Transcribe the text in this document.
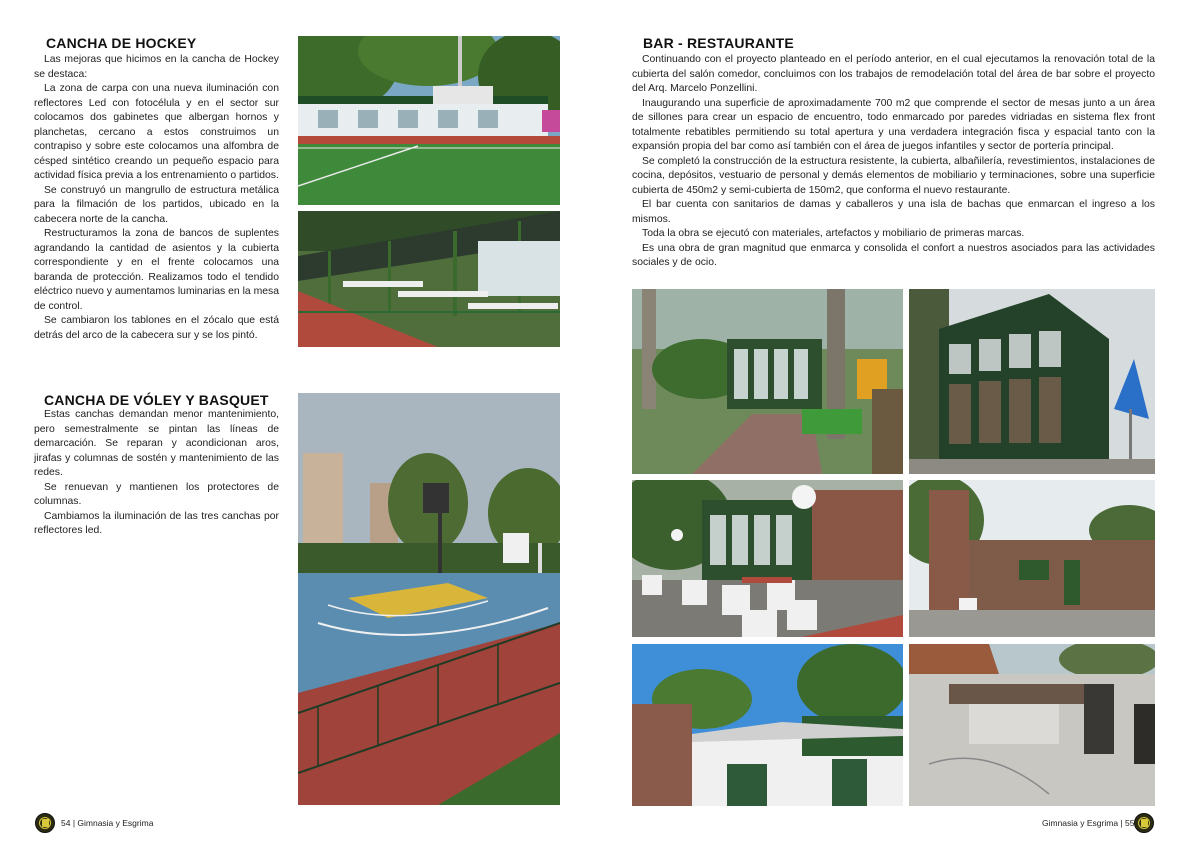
CANCHA DE HOCKEY

Las mejoras que hicimos en la cancha de Hockey se destaca:

La zona de carpa con una nueva iluminación con reflectores Led con fotocélula y en el sector sur colocamos dos gabinetes que albergan hornos y planchetas, cercano a estos construimos un contrapiso y sobre este colocamos una alfombra de césped sintético creando un pequeño espacio para actividad física previa a los entrenamiento o partidos.

Se construyó un mangrullo de estructura metálica para la filmación de los partidos, ubicado en la cabecera norte de la cancha.

Restructuramos la zona de bancos de suplentes agrandando la cantidad de asientos y la cubierta correspondiente y en el frente colocamos una baranda de protección. Realizamos todo el tendido eléctrico nuevo y aumentamos luminarias en la mesa de control.

Se cambiaron los tablones en el zócalo que está detrás del arco de la cabecera sur y se los pintó.

CANCHA DE VÓLEY Y BASQUET

Estas canchas demandan menor mantenimiento, pero semestralmente se pintan las líneas de demarcación. Se reparan y acondicionan aros, jirafas y columnas de sostén y mantenimiento de las redes.

Se renuevan y mantienen los protectores de columnas.

Cambiamos la iluminación de las tres canchas por reflectores led.

54 | Gimnasia y Esgrima
BAR - RESTAURANTE

Continuando con el proyecto planteado en el período anterior, en el cual ejecutamos la renovación total de la cubierta del salón comedor, concluimos con los trabajos de remodelación total del área de bar sobre el proyecto del Arq. Marcelo Ponzellini.

Inaugurando una superficie de aproximadamente 700 m2 que comprende el sector de mesas junto a un área de sillones para crear un espacio de encuentro, todo enmarcado por paredes vidriadas en sistema flex front totalmente rebatibles permitiendo su total apertura y una verdadera integración fisca y espacial tanto con la expansión propia del bar como así también con el área de juegos infantiles y sector de portería principal.

Se completó la construcción de la estructura resistente, la cubierta, albañilería, revestimientos, instalaciones de cocina, depósitos, vestuario de personal y demás elementos de mobiliario y terminaciones, sobre una superficie cubierta de 450m2 y semi-cubierta de 150m2, que conforma el nuevo restaurante.

El bar cuenta con sanitarios de damas y caballeros y una isla de bachas que enmarcan el ingreso a los mismos.

Toda la obra se ejecutó con materiales, artefactos y mobiliario de primeras marcas.

Es una obra de gran magnitud que enmarca y consolida el confort a nuestros asociados para las actividades sociales y de ocio.

Gimnasia y Esgrima | 55
